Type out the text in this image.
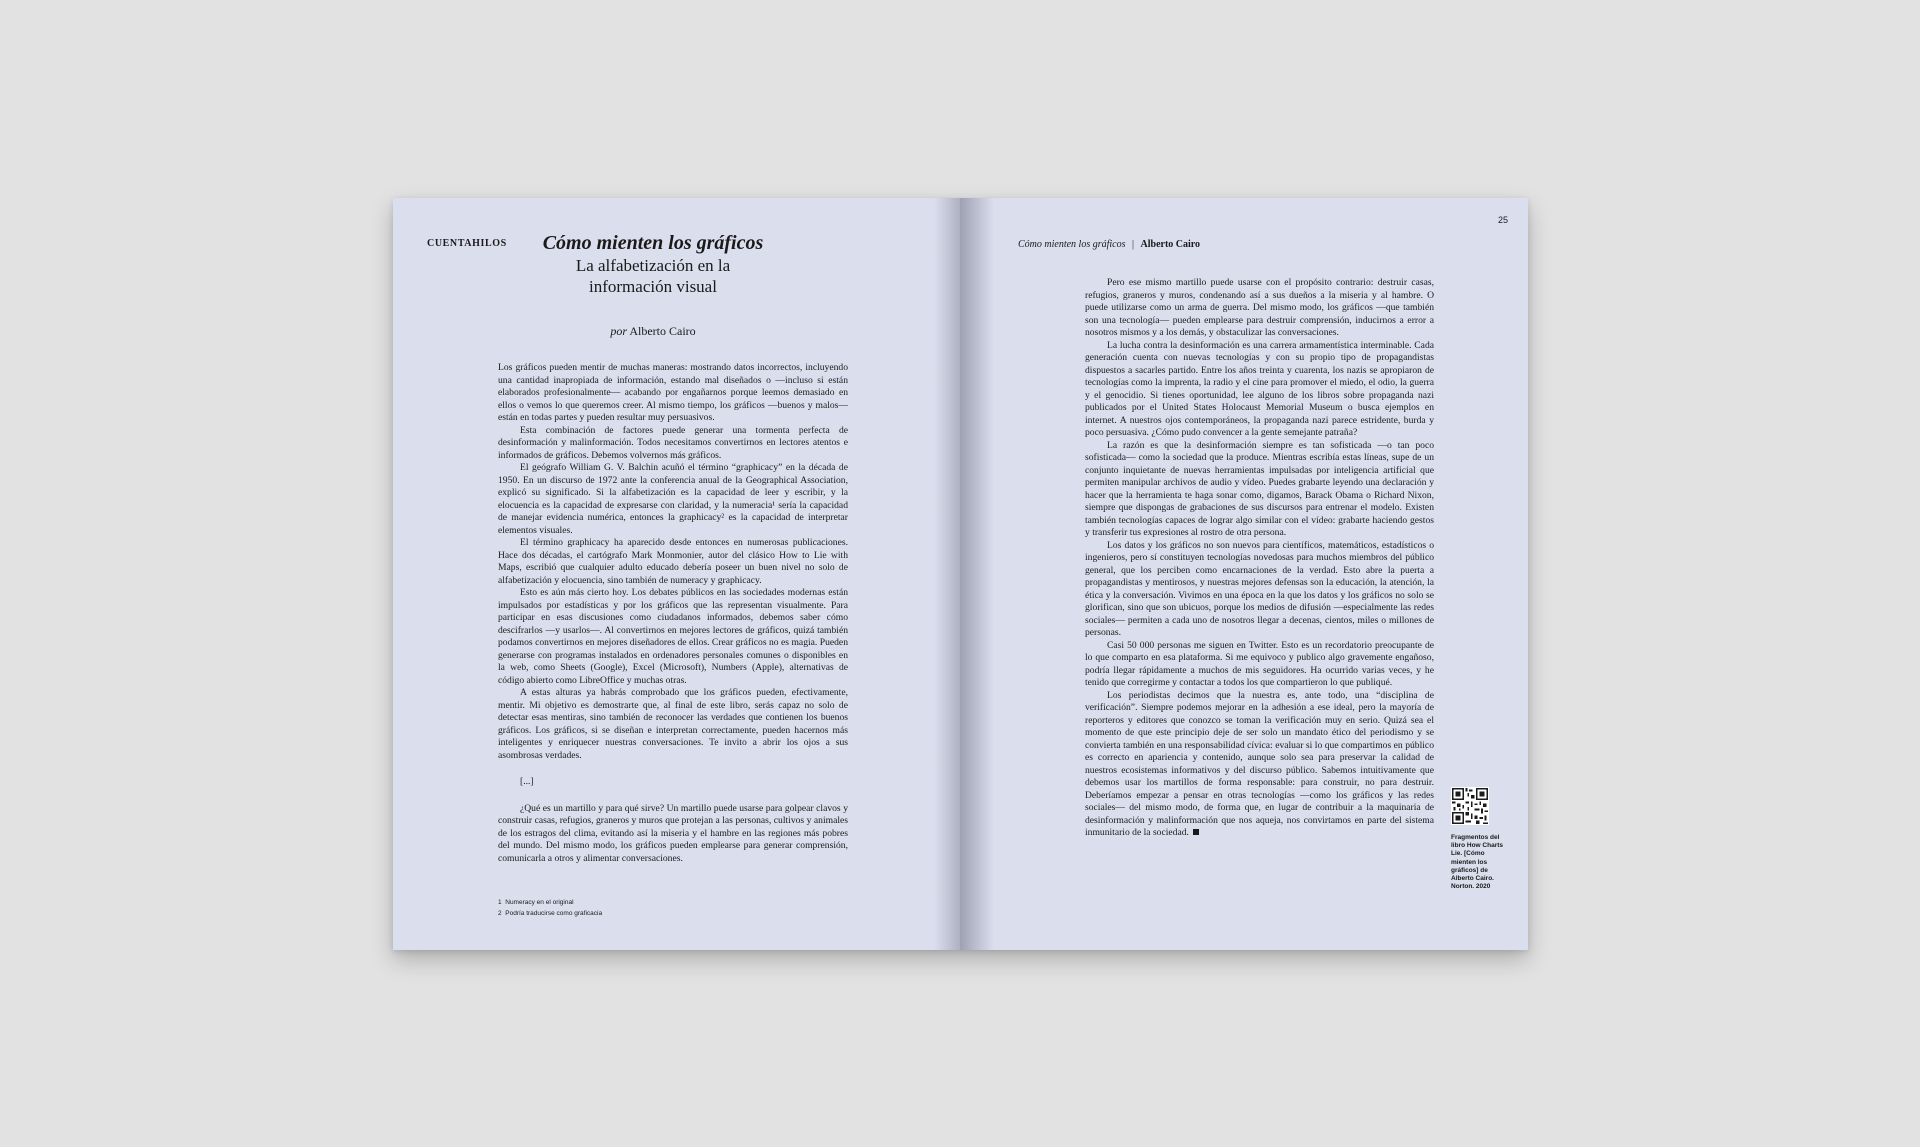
CUENTAHILOS	Cómo mienten los gráficos

La alfabetización en la

información visual

por Alberto Cairo

Los gráficos pueden mentir de muchas maneras: mostrando datos incorrectos, incluyendo una cantidad inapropiada de información, estando mal diseñados o —incluso si están elaborados profesionalmente— acabando por engañarnos porque leemos demasiado en ellos o vemos lo que queremos creer. Al mismo tiempo, los gráficos —buenos y malos— están en todas partes y pueden resultar muy persuasivos.

Esta combinación de factores puede generar una tormenta perfecta de desinformación y malinformación. Todos necesitamos convertirnos en lectores atentos e informados de gráficos. Debemos volvernos más gráficos.

El geógrafo William G. V. Balchin acuñó el término “graphicacy” en la década de 1950. En un discurso de 1972 ante la conferencia anual de la Geographical Association, explicó su significado. Si la alfabetización es la capacidad de leer y escribir, y la elocuencia es la capacidad de expresarse con claridad, y la numeracia¹ sería la capacidad de manejar evidencia numérica, entonces la graphicacy² es la capacidad de interpretar elementos visuales.

El término graphicacy ha aparecido desde entonces en numerosas publicaciones. Hace dos décadas, el cartógrafo Mark Monmonier, autor del clásico How to Lie with Maps, escribió que cualquier adulto educado debería poseer un buen nivel no solo de alfabetización y elocuencia, sino también de numeracy y graphicacy.

Esto es aún más cierto hoy. Los debates públicos en las sociedades modernas están impulsados por estadísticas y por los gráficos que las representan visualmente. Para participar en esas discusiones como ciudadanos informados, debemos saber cómo descifrarlos —y usarlos—. Al convertirnos en mejores lectores de gráficos, quizá también podamos convertirnos en mejores diseñadores de ellos. Crear gráficos no es magia. Pueden generarse con programas instalados en ordenadores personales comunes o disponibles en la web, como Sheets (Google), Excel (Microsoft), Numbers (Apple), alternativas de código abierto como LibreOffice y muchas otras.

A estas alturas ya habrás comprobado que los gráficos pueden, efectivamente, mentir. Mi objetivo es demostrarte que, al final de este libro, serás capaz no solo de detectar esas mentiras, sino también de reconocer las verdades que contienen los buenos gráficos. Los gráficos, si se diseñan e interpretan correctamente, pueden hacernos más inteligentes y enriquecer nuestras conversaciones. Te invito a abrir los ojos a sus asombrosas verdades.

[...]

¿Qué es un martillo y para qué sirve? Un martillo puede usarse para golpear clavos y construir casas, refugios, graneros y muros que protejan a las personas, cultivos y animales de los estragos del clima, evitando así la miseria y el hambre en las regiones más pobres del mundo. Del mismo modo, los gráficos pueden emplearse para generar comprensión, comunicarla a otros y alimentar conversaciones.

1 Numeracy en el original
2 Podría traducirse como graficacia
Cómo mienten los gráficos | Alberto Cairo
25

Pero ese mismo martillo puede usarse con el propósito contrario: destruir casas, refugios, graneros y muros, condenando así a sus dueños a la miseria y al hambre. O puede utilizarse como un arma de guerra. Del mismo modo, los gráficos —que también son una tecnología— pueden emplearse para destruir comprensión, inducirnos a error a nosotros mismos y a los demás, y obstaculizar las conversaciones.

La lucha contra la desinformación es una carrera armamentística interminable. Cada generación cuenta con nuevas tecnologías y con su propio tipo de propagandistas dispuestos a sacarles partido. Entre los años treinta y cuarenta, los nazis se apropiaron de tecnologías como la imprenta, la radio y el cine para promover el miedo, el odio, la guerra y el genocidio. Si tienes oportunidad, lee alguno de los libros sobre propaganda nazi publicados por el United States Holocaust Memorial Museum o busca ejemplos en internet. A nuestros ojos contemporáneos, la propaganda nazi parece estridente, burda y poco persuasiva. ¿Cómo pudo convencer a la gente semejante patraña?

La razón es que la desinformación siempre es tan sofisticada —o tan poco sofisticada— como la sociedad que la produce. Mientras escribía estas líneas, supe de un conjunto inquietante de nuevas herramientas impulsadas por inteligencia artificial que permiten manipular archivos de audio y vídeo. Puedes grabarte leyendo una declaración y hacer que la herramienta te haga sonar como, digamos, Barack Obama o Richard Nixon, siempre que dispongas de grabaciones de sus discursos para entrenar el modelo. Existen también tecnologías capaces de lograr algo similar con el vídeo: grabarte haciendo gestos y transferir tus expresiones al rostro de otra persona.

Los datos y los gráficos no son nuevos para científicos, matemáticos, estadísticos o ingenieros, pero sí constituyen tecnologías novedosas para muchos miembros del público general, que los perciben como encarnaciones de la verdad. Esto abre la puerta a propagandistas y mentirosos, y nuestras mejores defensas son la educación, la atención, la ética y la conversación. Vivimos en una época en la que los datos y los gráficos no solo se glorifican, sino que son ubicuos, porque los medios de difusión —especialmente las redes sociales— permiten a cada uno de nosotros llegar a decenas, cientos, miles o millones de personas.

Casi 50 000 personas me siguen en Twitter. Esto es un recordatorio preocupante de lo que comparto en esa plataforma. Si me equivoco y publico algo gravemente engañoso, podría llegar rápidamente a muchos de mis seguidores. Ha ocurrido varias veces, y he tenido que corregirme y contactar a todos los que compartieron lo que publiqué.

Los periodistas decimos que la nuestra es, ante todo, una “disciplina de verificación”. Siempre podemos mejorar en la adhesión a ese ideal, pero la mayoría de reporteros y editores que conozco se toman la verificación muy en serio. Quizá sea el momento de que este principio deje de ser solo un mandato ético del periodismo y se convierta también en una responsabilidad cívica: evaluar si lo que compartimos en público es correcto en apariencia y contenido, aunque solo sea para preservar la calidad de nuestros ecosistemas informativos y del discurso público. Sabemos intuitivamente que debemos usar los martillos de forma responsable: para construir, no para destruir. Deberíamos empezar a pensar en otras tecnologías —como los gráficos y las redes sociales— del mismo modo, de forma que, en lugar de contribuir a la maquinaria de desinformación y malinformación que nos aqueja, nos convirtamos en parte del sistema inmunitario de la sociedad.	Fragmentos del libro How Charts Lie. [Cómo mienten los gráficos] de Alberto Cairo. Norton. 2020
